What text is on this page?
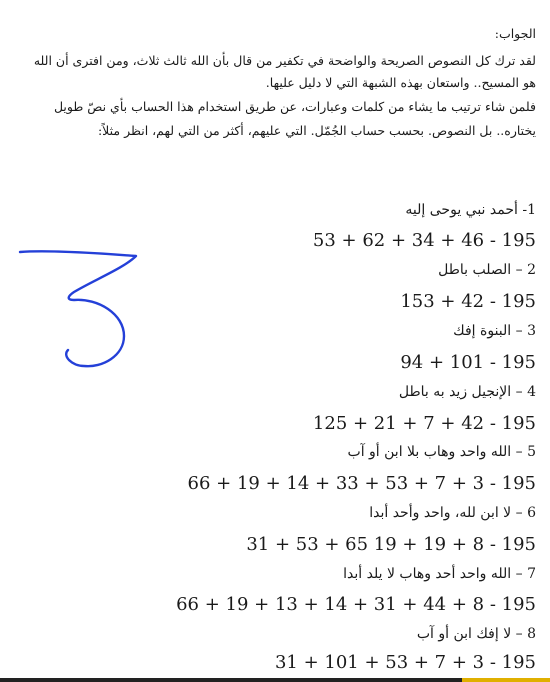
الجواب:

لقد ترك كل النصوص الصريحة والواضحة في تكفير من قال بأن الله ثالث ثلاث، ومن افترى أن الله

هو المسيح.. واستعان بهذه الشبهة التي لا دليل عليها.

فلمن شاء ترتيب ما يشاء من كلمات وعبارات، عن طريق استخدام هذا الحساب بأي نصّ طويل

يختاره.. بل النصوص. بحسب حساب الجُمّل. التي عليهم، أكثر من التي لهم، انظر مثلاً:

1- أحمد نبي يوحى إليه

53 + 62 + 34 + 46 - 195

2 – الصلب باطل

153 + 42 - 195

3 – البنوة إفك

94 + 101 - 195

4 – الإنجيل زيد به باطل

125 + 21 + 7 + 42 - 195

5 – الله واحد وهاب بلا ابن أو آب

66 + 19 + 14 + 33 + 53 + 7 + 3 - 195

6 – لا ابن لله، واحد وأحد أبدا

31 + 53 + 65 19 + 19 + 8 - 195

7 – الله واحد أحد وهاب لا يلد أبدا

66 + 19 + 13 + 14 + 31 + 44 + 8 - 195

8 – لا إفك ابن أو آب

31 + 101 + 53 + 7 + 3 - 195
